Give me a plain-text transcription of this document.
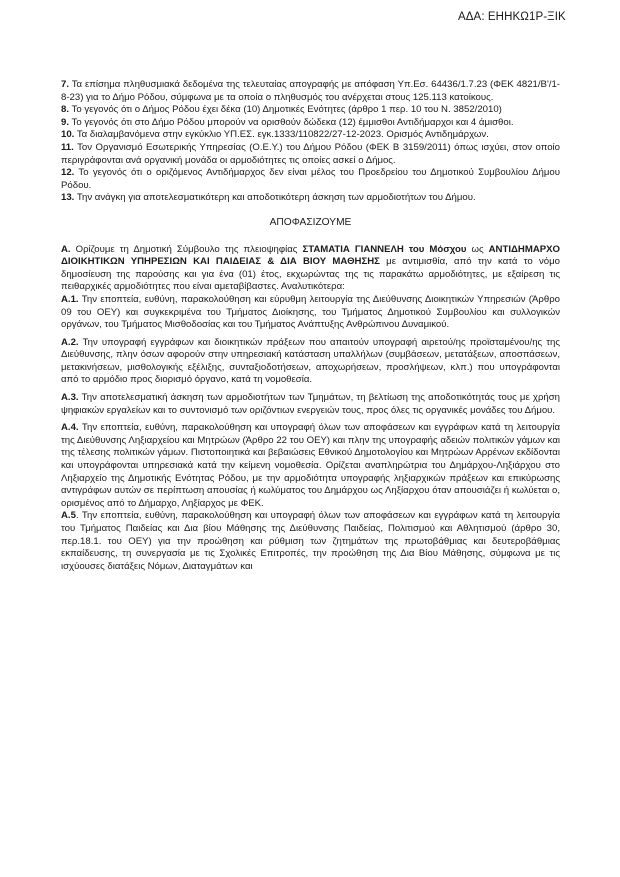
ΑΔΑ: ΕΗΗΚΩ1Ρ-ΞΙΚ

7. Τα επίσημα πληθυσμιακά δεδομένα της τελευταίας απογραφής με απόφαση Υπ.Εσ. 64436/1.7.23 (ΦΕΚ 4821/Β'/1-8-23) για το Δήμο Ρόδου, σύμφωνα με τα οποία ο πληθυσμός του ανέρχεται στους 125.113 κατοίκους.

8. Το γεγονός ότι ο Δήμος Ρόδου έχει δέκα (10) Δημοτικές Ενότητες (άρθρο 1 περ. 10 του Ν. 3852/2010)

9. Το γεγονός ότι στο Δήμο Ρόδου μπορούν να ορισθούν δώδεκα (12) έμμισθοι Αντιδήμαρχοι και 4 άμισθοι.

10. Τα διαλαμβανόμενα στην εγκύκλιο ΥΠ.ΕΣ. εγκ.1333/110822/27-12-2023. Ορισμός Αντιδημάρχων.

11. Τον Οργανισμό Εσωτερικής Υπηρεσίας (Ο.Ε.Υ.) του Δήμου Ρόδου (ΦΕΚ Β 3159/2011) όπως ισχύει, στον οποίο περιγράφονται ανά οργανική μονάδα οι αρμοδιότητες τις οποίες ασκεί ο Δήμος.

12. Το γεγονός ότι ο οριζόμενος Αντιδήμαρχος δεν είναι μέλος του Προεδρείου του Δημοτικού Συμβουλίου Δήμου Ρόδου.

13. Την ανάγκη για αποτελεσματικότερη και αποδοτικότερη άσκηση των αρμοδιοτήτων του Δήμου.

ΑΠΟΦΑΣΙΖΟΥΜΕ

Α. Ορίζουμε τη Δημοτική Σύμβουλο της πλειοψηφίας ΣΤΑΜΑΤΙΑ ΓΙΑΝΝΕΛΗ του Μόσχου ως ΑΝΤΙΔΗΜΑΡΧΟ ΔΙΟΙΚΗΤΙΚΩΝ ΥΠΗΡΕΣΙΩΝ ΚΑΙ ΠΑΙΔΕΙΑΣ & ΔΙΑ ΒΙΟΥ ΜΑΘΗΣΗΣ με αντιμισθία, από την κατά το νόμο δημοσίευση της παρούσης και για ένα (01) έτος, εκχωρώντας της τις παρακάτω αρμοδιότητες, με εξαίρεση τις πειθαρχικές αρμοδιότητες που είναι αμεταβίβαστες. Αναλυτικότερα:

Α.1. Την εποπτεία, ευθύνη, παρακολούθηση και εύρυθμη λειτουργία της Διεύθυνσης Διοικητικών Υπηρεσιών (Άρθρο 09 του ΟΕΥ) και συγκεκριμένα του Τμήματος Διοίκησης, του Τμήματος Δημοτικού Συμβουλίου και συλλογικών οργάνων, του Τμήματος Μισθοδοσίας και του Τμήματος Ανάπτυξης Ανθρώπινου Δυναμικού.

Α.2. Την υπογραφή εγγράφων και διοικητικών πράξεων που απαιτούν υπογραφή αιρετού/ης προϊσταμένου/ης της Διεύθυνσης, πλην όσων αφορούν στην υπηρεσιακή κατάσταση υπαλλήλων (συμβάσεων, μετατάξεων, αποσπάσεων, μετακινήσεων, μισθολογικής εξέλιξης, συνταξιοδοτήσεων, αποχωρήσεων, προσλήψεων, κλπ.) που υπογράφονται από το αρμόδιο προς διορισμό όργανο, κατά τη νομοθεσία.

Α.3. Την αποτελεσματική άσκηση των αρμοδιοτήτων των Τμημάτων, τη βελτίωση της αποδοτικότητάς τους με χρήση ψηφιακών εργαλείων και το συντονισμό των οριζόντιων ενεργειών τους, προς όλες τις οργανικές μονάδες του Δήμου.

Α.4. Την εποπτεία, ευθύνη, παρακολούθηση και υπογραφή όλων των αποφάσεων και εγγράφων κατά τη λειτουργία της Διεύθυνσης Ληξιαρχείου και Μητρώων (Άρθρο 22 του ΟΕΥ) και πλην της υπογραφής αδειών πολιτικών γάμων και της τέλεσης πολιτικών γάμων. Πιστοποιητικά και βεβαιώσεις Εθνικού Δημοτολογίου και Μητρώων Αρρένων εκδίδονται και υπογράφονται υπηρεσιακά κατά την κείμενη νομοθεσία. Ορίζεται αναπληρώτρια του Δημάρχου-Ληξιάρχου στο Ληξιαρχείο της Δημοτικής Ενότητας Ρόδου, με την αρμοδιότητα υπογραφής ληξιαρχικών πράξεων και επικύρωσης αντιγράφων αυτών σε περίπτωση απουσίας ή κωλύματος του Δημάρχου ως Ληξίαρχου όταν απουσιάζει ή κωλύεται ο, ορισμένος από το Δήμαρχο, Ληξίαρχος με ΦΕΚ.

Α.5. Την εποπτεία, ευθύνη, παρακολούθηση και υπογραφή όλων των αποφάσεων και εγγράφων κατά τη λειτουργία του Τμήματος Παιδείας και Δια βίου Μάθησης της Διεύθυνσης Παιδείας, Πολιτισμού και Αθλητισμού (άρθρο 30, περ.18.1. του ΟΕΥ) για την προώθηση και ρύθμιση των ζητημάτων της πρωτοβάθμιας και δευτεροβάθμιας εκπαίδευσης, τη συνεργασία με τις Σχολικές Επιτροπές, την προώθηση της Δια Βίου Μάθησης, σύμφωνα με τις ισχύουσες διατάξεις Νόμων, Διαταγμάτων και
